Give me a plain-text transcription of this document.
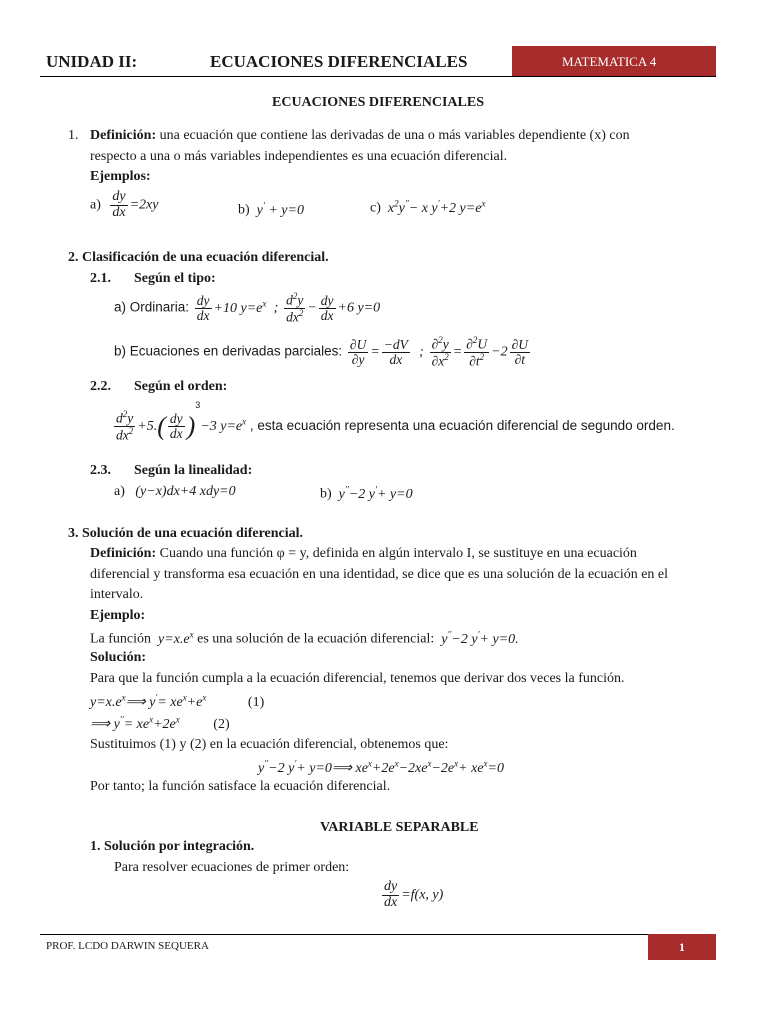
UNIDAD II:	ECUACIONES DIFERENCIALES	MATEMATICA 4
ECUACIONES DIFERENCIALES
1. Definición: una ecuación que contiene las derivadas de una o más variables dependiente (x) con
respecto a una o más variables independientes es una ecuación diferencial.
Ejemplos:
$a) \frac{dy}{dx} =2xy$	b)  y′ + y=0	c)  $x^2y''- x$ y′+2 $y=e^x$
2. Clasificación de una ecuación diferencial.
2.1. Según el tipo:
a) Ordinaria: $\frac{dy}{dx} +10$ $y=e^x$  ; $\frac{d^2y}{dx^2} - \frac{dy}{dx} +6$ y=0
b) Ecuaciones en derivadas parciales: $\frac{\partial U}{\partial y} = \frac{-dV}{dx}$ ; $\frac{\partial^2y}{\partial x^2} = \frac{\partial^2U}{\partial t^2} -2 \frac{\partial U}{\partial t}$
2.2. Según el orden:
$\frac{d^2y}{dx^2} +5.( \frac{dy}{dx} )^3-3$ $y=e^x$ , esta ecuación representa una ecuación diferencial de segundo orden.
2.3. Según la linealidad:
a)   (y−x)dx+4 xdy=0	b)  y′′−2 y′+ y=0
3. Solución de una ecuación diferencial.
Definición: Cuando una función φ = y, definida en algún intervalo I, se sustituye en una ecuación
diferencial y transforma esa ecuación en una identidad, se dice que es una solución de la ecuación en el
intervalo.
Ejemplo:
La función  $y=x.e^x$ es una solución de la ecuación diferencial:  y′′−2 y′+ y=0.
Solución:
Para que la función cumpla a la ecuación diferencial, tenemos que derivar dos veces la función.
$y=x.e^x⟹$ $y'= xe^x+e^x$	(1)
⟹ $y''= xe^x+2e^x$ (2)
Sustituimos (1) y (2) en la ecuación diferencial, obtenemos que:
y′′−2 y′+ y=0⟹ $xe^x+2e^x-2xe^x-2e^x+ xe^x=0$
Por tanto; la función satisface la ecuación diferencial.
VARIABLE SEPARABLE
1. Solución por integración.
Para resolver ecuaciones de primer orden:
$\frac{dy}{dx} =f(x$, y)
PROF. LCDO DARWIN SEQUERA	1
